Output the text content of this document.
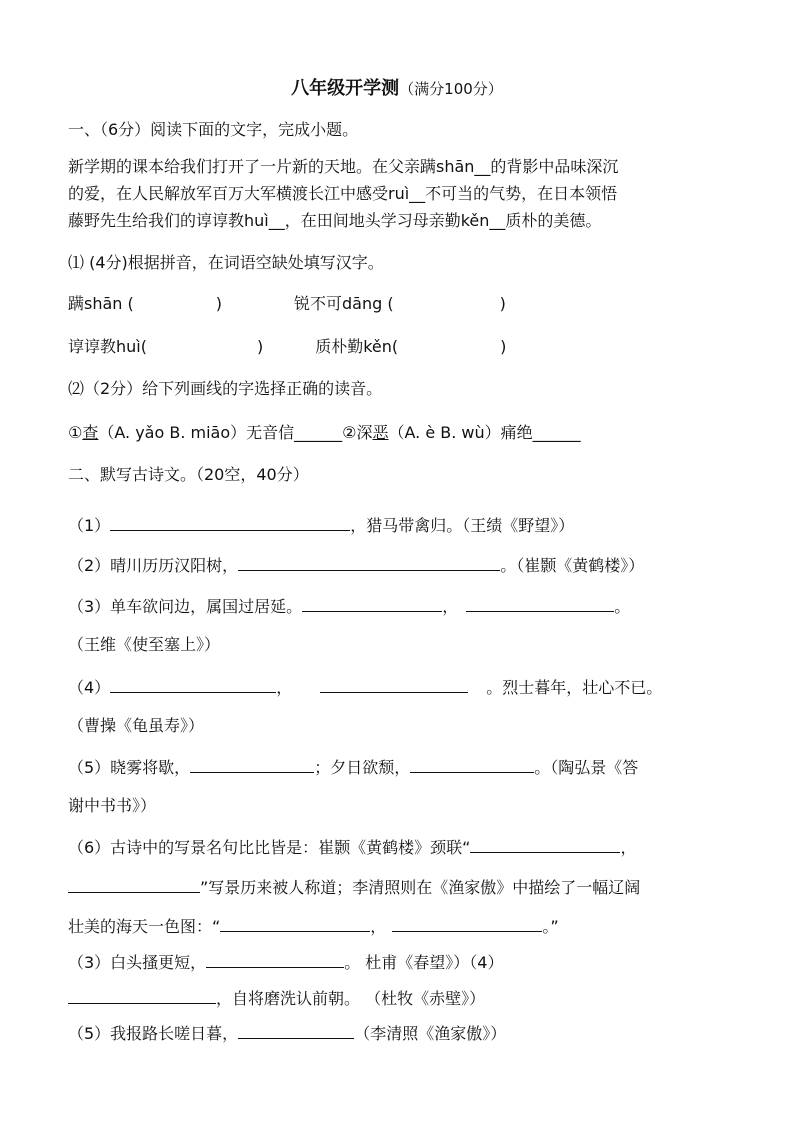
八年级开学测（满分100分）
一、（6分）阅读下面的文字，完成小题。
新学期的课本给我们打开了一片新的天地。在父亲蹒shān__的背影中品味深沉
的爱，在人民解放军百万大军横渡长江中感受ruì__不可当的气势，在日本领悟
藤野先生给我们的谆谆教huì__，在田间地头学习母亲勤kěn__质朴的美德。
⑴ (4分)根据拼音，在词语空缺处填写汉字。
蹒shān (	)	锐不可dāng (	)
谆谆教huì(	)	质朴勤kěn(	)
⑵（2分）给下列画线的字选择正确的读音。
①查（A. yǎo B. miāo）无音信______②深恶（A. è B. wù）痛绝______
二、默写古诗文。（20空，40分）
（1）	，猎马带禽归。（王绩《野望》）
（2）晴川历历汉阳树，	。（崔颢《黄鹤楼》）
（3）单车欲问边，属国过居延。	，	。
（王维《使至塞上》）
（4）	，	。烈士暮年，壮心不已。
（曹操《龟虽寿》）
（5）晓雾将歇，	；夕日欲颓，	。（陶弘景《答
谢中书书》）
（6）古诗中的写景名句比比皆是：崔颢《黄鹤楼》颈联“	，
”写景历来被人称道；李清照则在《渔家傲》中描绘了一幅辽阔
壮美的海天一色图：“	，	。”
（3）白头搔更短，	。 杜甫《春望》）（4）
，自将磨洗认前朝。 （杜牧《赤壁》）
（5）我报路长嗟日暮，	（李清照《渔家傲》）
